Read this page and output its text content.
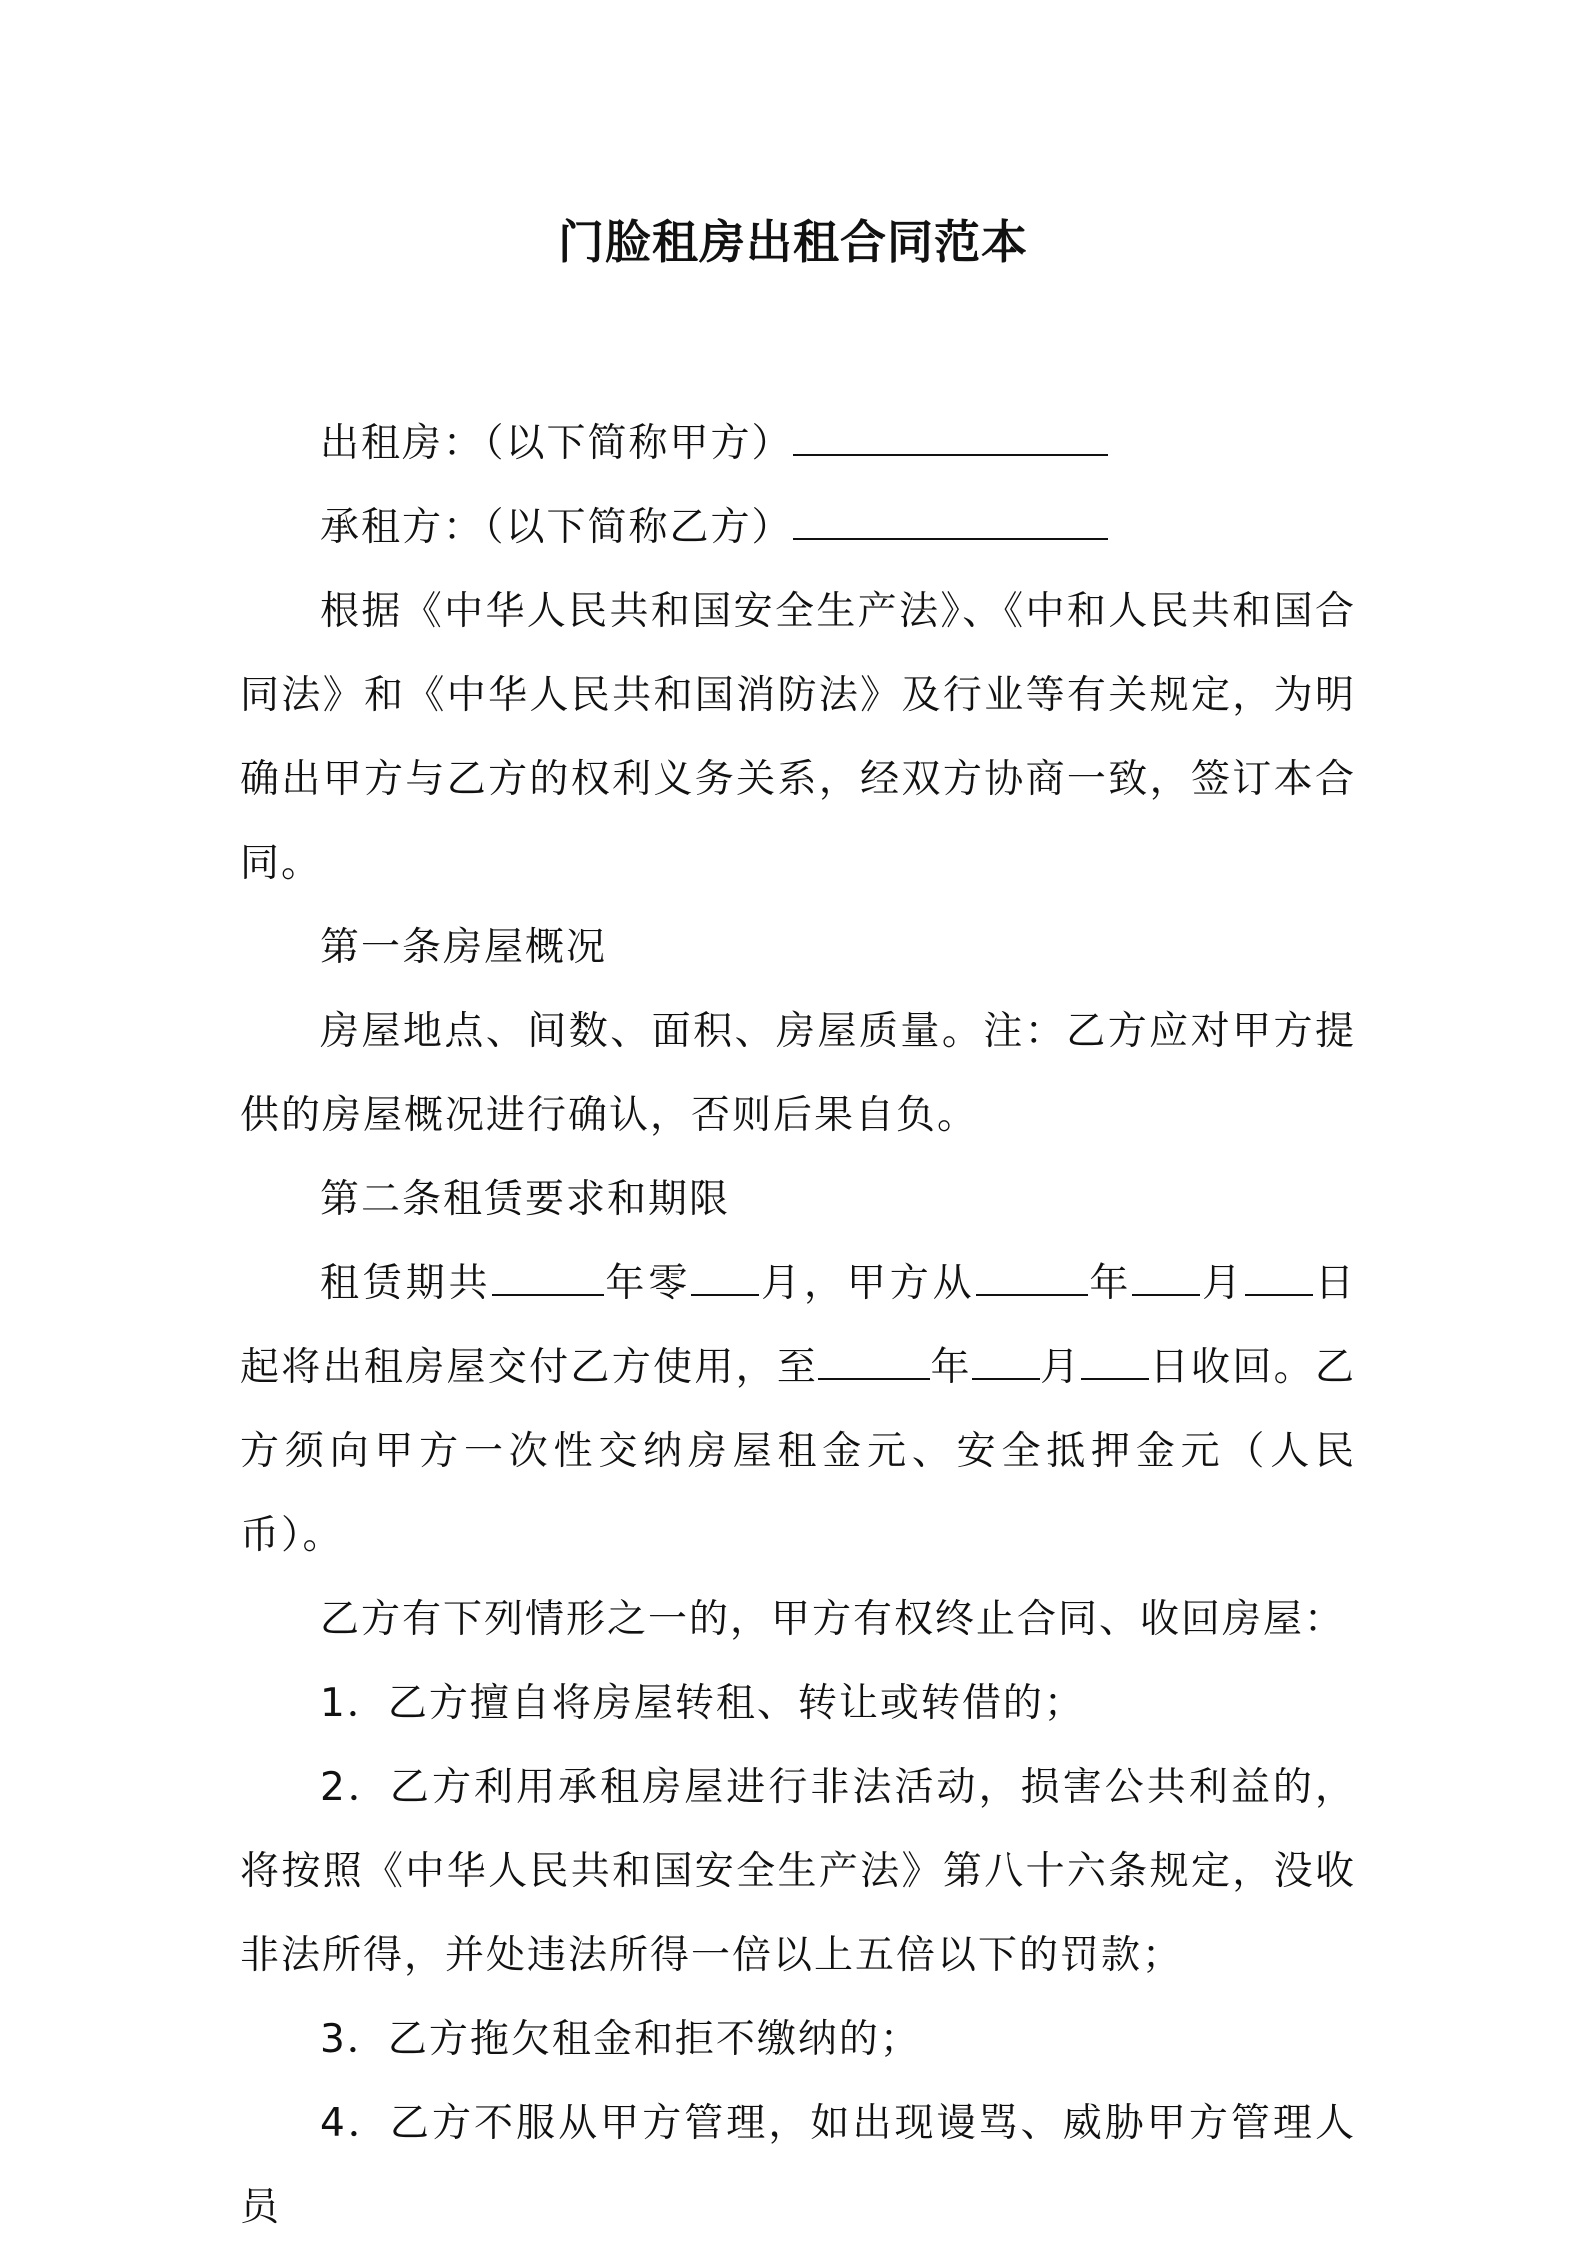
门脸租房出租合同范本

出租房：（以下简称甲方）

承租方：（以下简称乙方）

根据《中华人民共和国安全生产法》、《中和人民共和国合同法》和《中华人民共和国消防法》及行业等有关规定，为明确出甲方与乙方的权利义务关系，经双方协商一致，签订本合同。

第一条房屋概况

房屋地点、间数、面积、房屋质量。注：乙方应对甲方提供的房屋概况进行确认，否则后果自负。

第二条租赁要求和期限

租赁期共	年零 月，甲方从	年 月 日起将出租房屋交付乙方使用，至	年 月 日收回。乙方须向甲方一次性交纳房屋租金元、安全抵押金元（人民币）。

乙方有下列情形之一的，甲方有权终止合同、收回房屋：

1．乙方擅自将房屋转租、转让或转借的；

2．乙方利用承租房屋进行非法活动，损害公共利益的，将按照《中华人民共和国安全生产法》第八十六条规定，没收非法所得，并处违法所得一倍以上五倍以下的罚款；

3．乙方拖欠租金和拒不缴纳的；

4．乙方不服从甲方管理，如出现谩骂、威胁甲方管理人员
